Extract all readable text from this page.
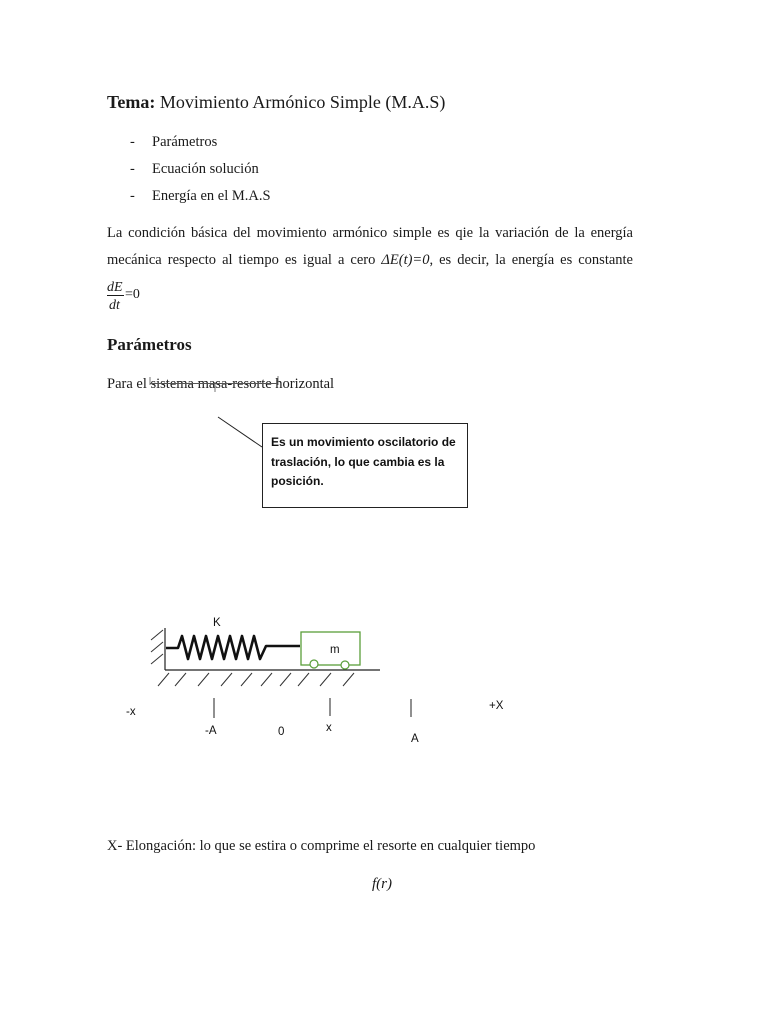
Tema: Movimiento Armónico Simple (M.A.S)
- Parámetros
- Ecuación solución
- Energía en el M.A.S
La condición básica del movimiento armónico simple es qie la variación de la energía
mecánica respecto al tiempo es igual a cero ΔE(t)=0, es decir, la energía es constante
dE
dt
=0
Parámetros
Para el sistema masa-resorte horizontal
K
m
-x
-A	0	x
A
+X
Es un movimiento oscilatorio de traslación, lo que cambia es la posición.
X- Elongación: lo que se estira o comprime el resorte en cualquier tiempo
f(r)
